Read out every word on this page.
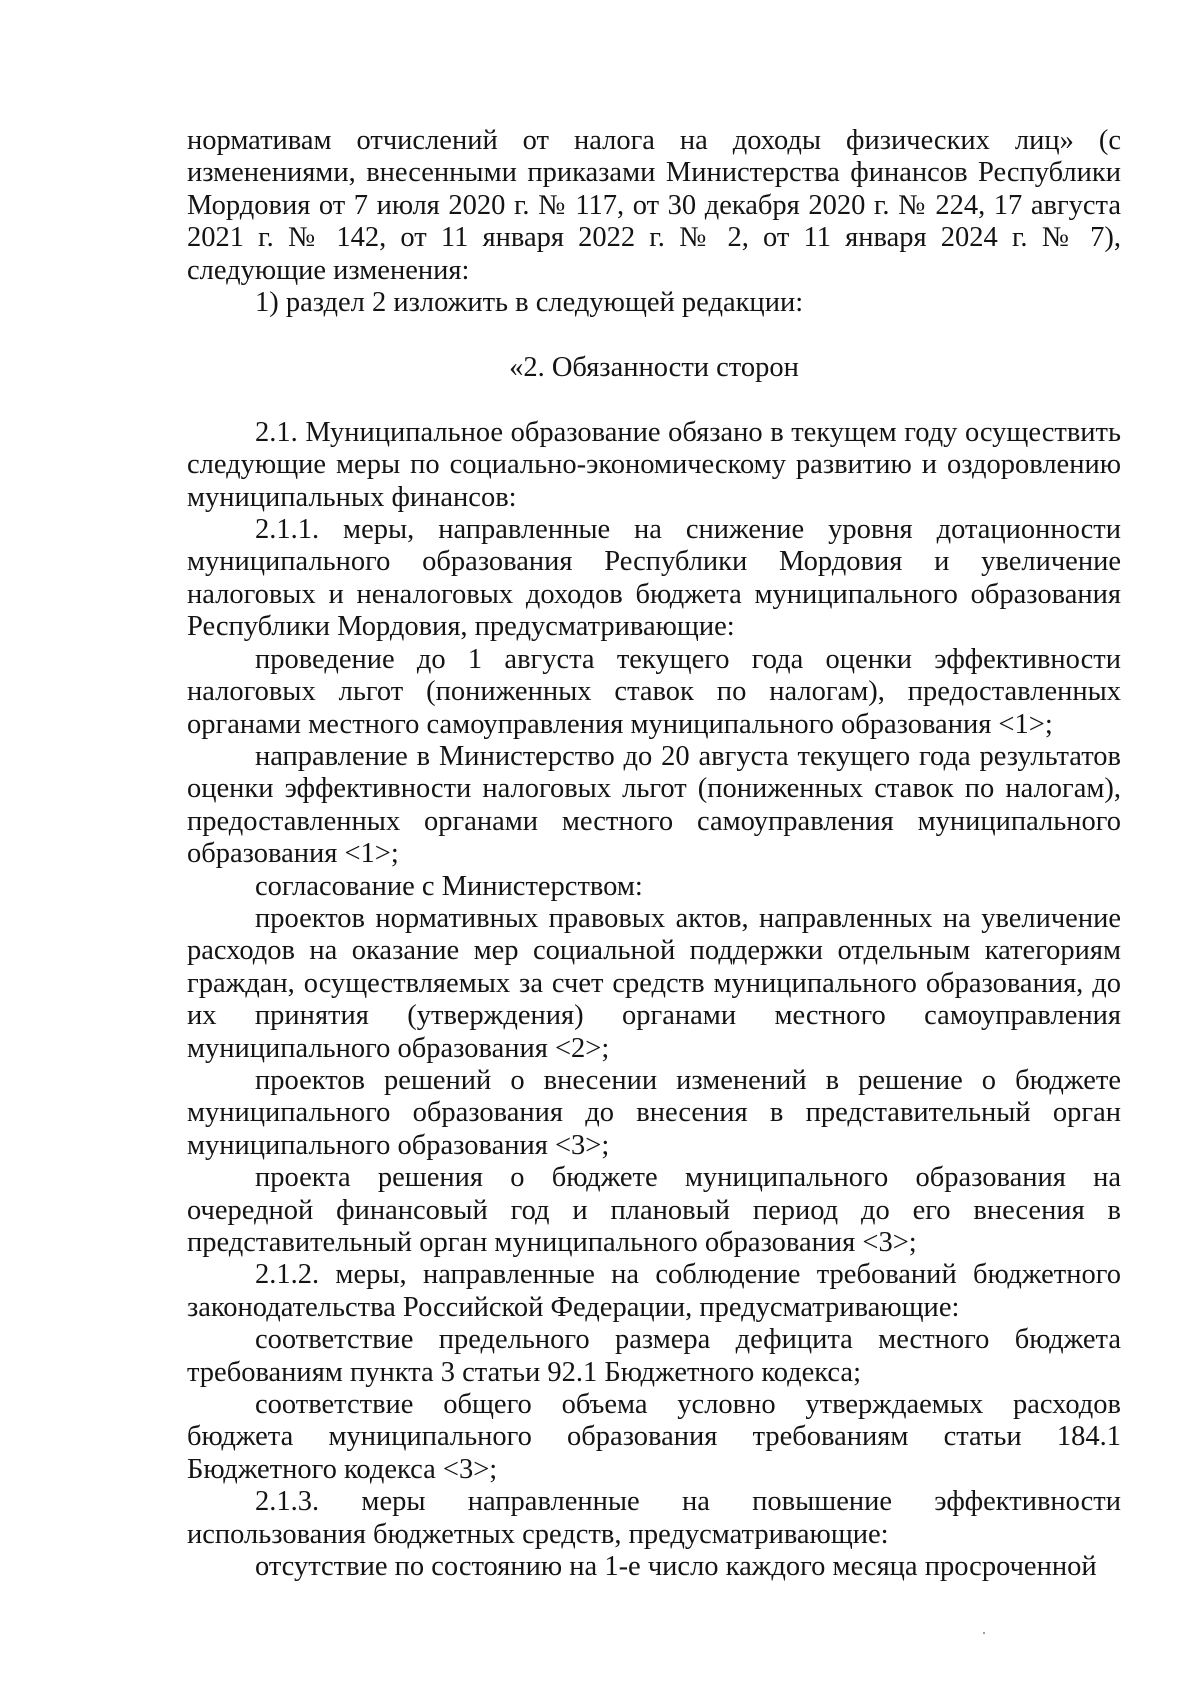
нормативам отчислений от налога на доходы физических лиц» (с изменениями, внесенными приказами Министерства финансов Республики Мордовия от 7 июля 2020 г. № 117, от 30 декабря 2020 г. № 224, 17 августа 2021 г. № 142, от 11 января 2022 г. № 2, от 11 января 2024 г. № 7), следующие изменения:

1) раздел 2 изложить в следующей редакции:

«2. Обязанности сторон

2.1. Муниципальное образование обязано в текущем году осуществить следующие меры по социально-экономическому развитию и оздоровлению муниципальных финансов:

2.1.1. меры, направленные на снижение уровня дотационности муниципального образования Республики Мордовия и увеличение налоговых и неналоговых доходов бюджета муниципального образования Республики Мордовия, предусматривающие:

проведение до 1 августа текущего года оценки эффективности налоговых льгот (пониженных ставок по налогам), предоставленных органами местного самоуправления муниципального образования <1>;

направление в Министерство до 20 августа текущего года результатов оценки эффективности налоговых льгот (пониженных ставок по налогам), предоставленных органами местного самоуправления муниципального образования <1>;

согласование с Министерством:

проектов нормативных правовых актов, направленных на увеличение расходов на оказание мер социальной поддержки отдельным категориям граждан, осуществляемых за счет средств муниципального образования, до их принятия (утверждения) органами местного самоуправления муниципального образования <2>;

проектов решений о внесении изменений в решение о бюджете муниципального образования до внесения в представительный орган муниципального образования <3>;

проекта решения о бюджете муниципального образования на очередной финансовый год и плановый период до его внесения в представительный орган муниципального образования <3>;

2.1.2. меры, направленные на соблюдение требований бюджетного законодательства Российской Федерации, предусматривающие:

соответствие предельного размера дефицита местного бюджета требованиям пункта 3 статьи 92.1 Бюджетного кодекса;

соответствие общего объема условно утверждаемых расходов бюджета муниципального образования требованиям статьи 184.1 Бюджетного кодекса <3>;

2.1.3. меры направленные на повышение эффективности использования бюджетных средств, предусматривающие:

отсутствие по состоянию на 1-е число каждого месяца просроченной
